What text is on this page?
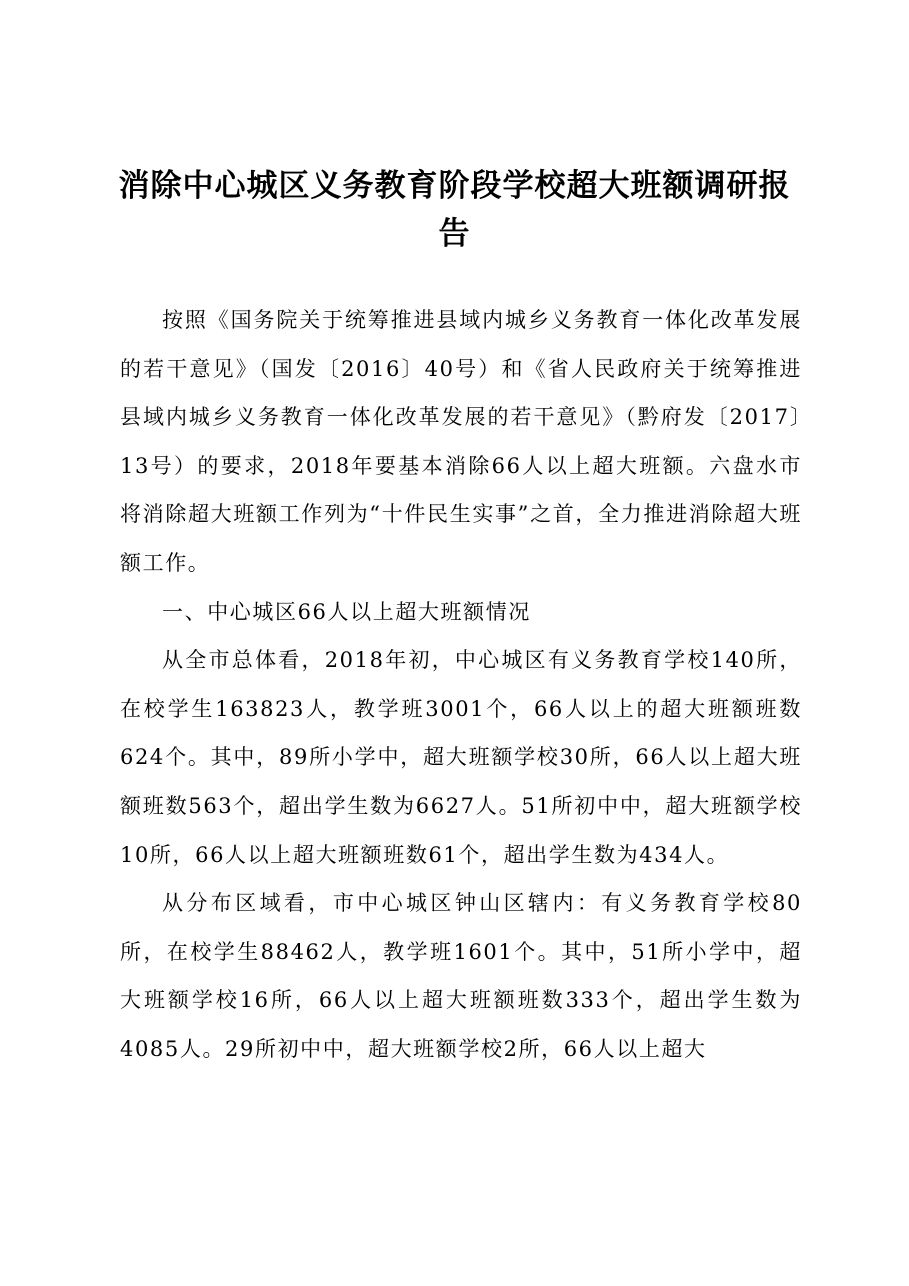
消除中心城区义务教育阶段学校超大班额调研报告

按照《国务院关于统筹推进县域内城乡义务教育一体化改革发展的若干意见》（国发〔2016〕40号）和《省人民政府关于统筹推进县域内城乡义务教育一体化改革发展的若干意见》（黔府发〔2017〕13号）的要求，2018年要基本消除66人以上超大班额。六盘水市将消除超大班额工作列为“十件民生实事”之首，全力推进消除超大班额工作。

一、中心城区66人以上超大班额情况

从全市总体看，2018年初，中心城区有义务教育学校140所，在校学生163823人，教学班3001个，66人以上的超大班额班数624个。其中，89所小学中，超大班额学校30所，66人以上超大班额班数563个，超出学生数为6627人。51所初中中，超大班额学校10所，66人以上超大班额班数61个，超出学生数为434人。

从分布区域看，市中心城区钟山区辖内：有义务教育学校80所，在校学生88462人，教学班1601个。其中，51所小学中，超大班额学校16所，66人以上超大班额班数333个，超出学生数为4085人。29所初中中，超大班额学校2所，66人以上超大
